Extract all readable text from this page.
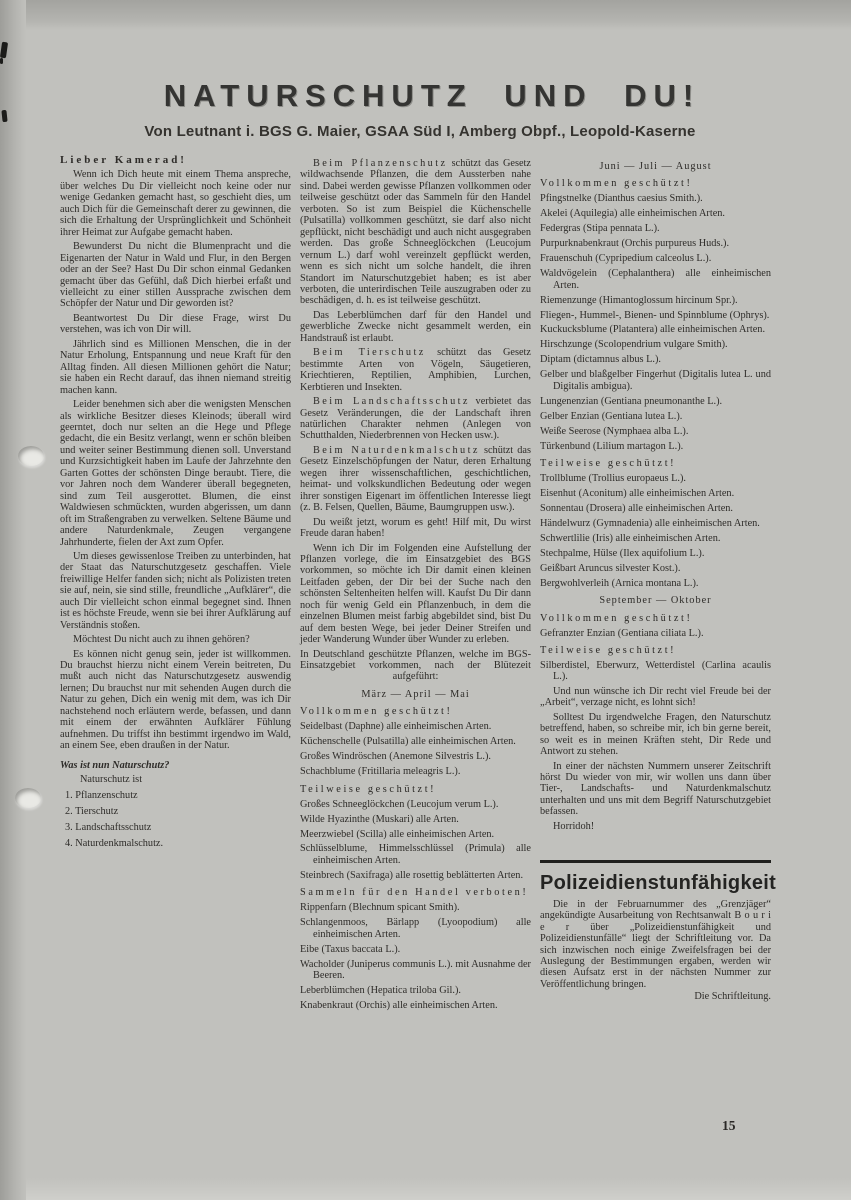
NATURSCHUTZ UND DU!
Von Leutnant i. BGS G. Maier, GSAA Süd I, Amberg Obpf., Leopold-Kaserne
Lieber Kamerad!

Wenn ich Dich heute mit einem Thema anspreche, über welches Du Dir vielleicht noch keine oder nur wenige Gedanken gemacht hast, so geschieht dies, um auch Dich für die Gemeinschaft derer zu gewinnen, die sich die Erhaltung der Ursprünglichkeit und Schönheit ihrer Heimat zur Aufgabe gemacht haben.

Bewunderst Du nicht die Blumenpracht und die Eigenarten der Natur in Wald und Flur, in den Bergen oder an der See? Hast Du Dir schon einmal Gedanken gemacht über das Gefühl, daß Dich hierbei erfaßt und vielleicht zu einer stillen Aussprache zwischen dem Schöpfer der Natur und Dir geworden ist?

Beantwortest Du Dir diese Frage, wirst Du verstehen, was ich von Dir will.

Jährlich sind es Millionen Menschen, die in der Natur Erholung, Entspannung und neue Kraft für den Alltag finden. All diesen Millionen gehört die Natur; sie haben ein Recht darauf, das ihnen niemand streitig machen kann.

Leider benehmen sich aber die wenigsten Menschen als wirkliche Besitzer dieses Kleinods; überall wird geerntet, doch nur selten an die Hege und Pflege gedacht, die ein Besitz verlangt, wenn er schön bleiben und weiter seiner Bestimmung dienen soll. Unverstand und Kurzsichtigkeit haben im Laufe der Jahrzehnte den Garten Gottes der schönsten Dinge beraubt. Tiere, die vor Jahren noch dem Wanderer überall begegneten, sind zum Teil ausgerottet. Blumen, die einst Waldwiesen schmückten, wurden abgerissen, um dann oft im Straßengraben zu verwelken. Seltene Bäume und andere Naturdenkmale, Zeugen vergangene Jahrhunderte, fielen der Axt zum Opfer.

Um dieses gewissenlose Treiben zu unterbinden, hat der Staat das Naturschutzgesetz geschaffen. Viele freiwillige Helfer fanden sich; nicht als Polizisten treten sie auf, nein, sie sind stille, freundliche „Aufklärer“, die auch Dir vielleicht schon einmal begegnet sind. Ihnen ist es höchste Freude, wenn sie bei ihrer Aufklärung auf Verständnis stoßen.

Möchtest Du nicht auch zu ihnen gehören?

Es können nicht genug sein, jeder ist willkommen. Du brauchst hierzu nicht einem Verein beitreten, Du mußt auch nicht das Naturschutzgesetz auswendig lernen; Du brauchst nur mit sehenden Augen durch die Natur zu gehen, Dich ein wenig mit dem, was ich Dir nachstehend noch erläutern werde, befassen, und dann mit einem der erwähnten Aufklärer Fühlung aufnehmen. Du triffst ihn bestimmt irgendwo im Wald, an einem See, eben draußen in der Natur.

Was ist nun Naturschutz?
Naturschutz ist
1. Pflanzenschutz
2. Tierschutz
3. Landschaftsschutz
4. Naturdenkmalschutz.

Beim Pflanzenschutz schützt das Gesetz wildwachsende Pflanzen, die dem Aussterben nahe sind. Dabei werden gewisse Pflanzen vollkommen oder teilweise geschützt oder das Sammeln für den Handel verboten. So ist zum Beispiel die Küchenschelle (Pulsatilla) vollkommen geschützt, sie darf also nicht gepflückt, nicht beschädigt und auch nicht ausgegraben werden. Das große Schneeglöckchen (Leucojum vernum L.) darf wohl vereinzelt gepflückt werden, wenn es sich nicht um solche handelt, die ihren Standort im Naturschutzgebiet haben; es ist aber verboten, die unterirdischen Teile auszugraben oder zu beschädigen, d. h. es ist teilweise geschützt.

Das Leberblümchen darf für den Handel und gewerbliche Zwecke nicht gesammelt werden, ein Handstrauß ist erlaubt.

Beim Tierschutz schützt das Gesetz bestimmte Arten von Vögeln, Säugetieren, Kriechtieren, Reptilien, Amphibien, Lurchen, Kerbtieren und Insekten.

Beim Landschaftsschutz verbietet das Gesetz Veränderungen, die der Landschaft ihren natürlichen Charakter nehmen (Anlegen von Schutthalden, Niederbrennen von Hecken usw.).

Beim Naturdenkmalschutz schützt das Gesetz Einzelschöpfungen der Natur, deren Erhaltung wegen ihrer wissenschaftlichen, geschichtlichen, heimat- und volkskundlichen Bedeutung oder wegen ihrer sonstigen Eigenart im öffentlichen Interesse liegt (z. B. Felsen, Quellen, Bäume, Baumgruppen usw.).

Du weißt jetzt, worum es geht! Hilf mit, Du wirst Freude daran haben!

Wenn ich Dir im Folgenden eine Aufstellung der Pflanzen vorlege, die im Einsatzgebiet des BGS vorkommen, so möchte ich Dir damit einen kleinen Leitfaden geben, der Dir bei der Suche nach den schönsten Seltenheiten helfen will. Kaufst Du Dir dann noch für wenig Geld ein Pflanzenbuch, in dem die einzelnen Blumen meist farbig abgebildet sind, bist Du auf dem besten Wege, bei jeder Deiner Streifen und jeder Wanderung Wunder über Wunder zu erleben.

In Deutschland geschützte Pflanzen, welche im BGS-Einsatzgebiet vorkommen, nach der Blütezeit aufgeführt:

März — April — Mai
Vollkommen geschützt!
Seidelbast (Daphne) alle einheimischen Arten.
Küchenschelle (Pulsatilla) alle einheimischen Arten.
Großes Windröschen (Anemone Silvestris L.).
Schachblume (Fritillaria meleagris L.).
Teilweise geschützt!
Großes Schneeglöckchen (Leucojum verum L.).
Wilde Hyazinthe (Muskari) alle Arten.
Meerzwiebel (Scilla) alle einheimischen Arten.
Schlüsselblume, Himmelsschlüssel (Primula) alle einheimischen Arten.
Steinbrech (Saxifraga) alle rosettig beblätterten Arten.
Sammeln für den Handel verboten!
Rippenfarn (Blechnum spicant Smith).
Schlangenmoos, Bärlapp (Lyoopodium) alle einheimischen Arten.
Eibe (Taxus baccata L.).
Wacholder (Juniperus communis L.). mit Ausnahme der Beeren.
Leberblümchen (Hepatica triloba Gil.).
Knabenkraut (Orchis) alle einheimischen Arten.
Juni — Juli — August
Vollkommen geschützt!
Pfingstnelke (Dianthus caesius Smith.).
Akelei (Aquilegia) alle einheimischen Arten.
Federgras (Stipa pennata L.).
Purpurknabenkraut (Orchis purpureus Huds.).
Frauenschuh (Cypripedium calceolus L.).
Waldvögelein (Cephalanthera) alle einheimischen Arten.
Riemenzunge (Himantoglossum hircinum Spr.).
Fliegen-, Hummel-, Bienen- und Spinnblume (Ophrys).
Kuckucksblume (Platantera) alle einheimischen Arten.
Hirschzunge (Scolopendrium vulgare Smith).
Diptam (dictamnus albus L.).
Gelber und blaßgelber Fingerhut (Digitalis lutea L. und Digitalis ambigua).
Lungenenzian (Gentiana pneumonanthe L.).
Gelber Enzian (Gentiana lutea L.).
Weiße Seerose (Nymphaea alba L.).
Türkenbund (Lilium martagon L.).
Teilweise geschützt!
Trollblume (Trollius europaeus L.).
Eisenhut (Aconitum) alle einheimischen Arten.
Sonnentau (Drosera) alle einheimischen Arten.
Händelwurz (Gymnadenia) alle einheimischen Arten.
Schwertlilie (Iris) alle einheimischen Arten.
Stechpalme, Hülse (Ilex aquifolium L.).
Geißbart Aruncus silvester Kost.).
Bergwohlverleih (Arnica montana L.).
September — Oktober
Vollkommen geschützt!
Gefranzter Enzian (Gentiana ciliata L.).
Teilweise geschützt!
Silberdistel, Eberwurz, Wetterdistel (Carlina acaulis L.).

Und nun wünsche ich Dir recht viel Freude bei der „Arbeit“, verzage nicht, es lohnt sich!

Solltest Du irgendwelche Fragen, den Naturschutz betreffend, haben, so schreibe mir, ich bin gerne bereit, so weit es in meinen Kräften steht, Dir Rede und Antwort zu stehen.

In einer der nächsten Nummern unserer Zeitschrift hörst Du wieder von mir, wir wollen uns dann über Tier-, Landschafts- und Naturdenkmalschutz unterhalten und uns mit dem Begriff Naturschutzgebiet befassen.

Horridoh!

Polizeidienstunfähigkeit

Die in der Februarnummer des „Grenzjäger“ angekündigte Ausarbeitung von Rechtsanwalt B o u r i e r über „Polizeidienstunfähigkeit und Polizeidienstunfälle“ liegt der Schriftleitung vor. Da sich inzwischen noch einige Zweifelsfragen bei der Auslegung der Bestimmungen ergaben, werden wir diesen Aufsatz erst in der nächsten Nummer zur Veröffentlichung bringen.

Die Schriftleitung.
15
